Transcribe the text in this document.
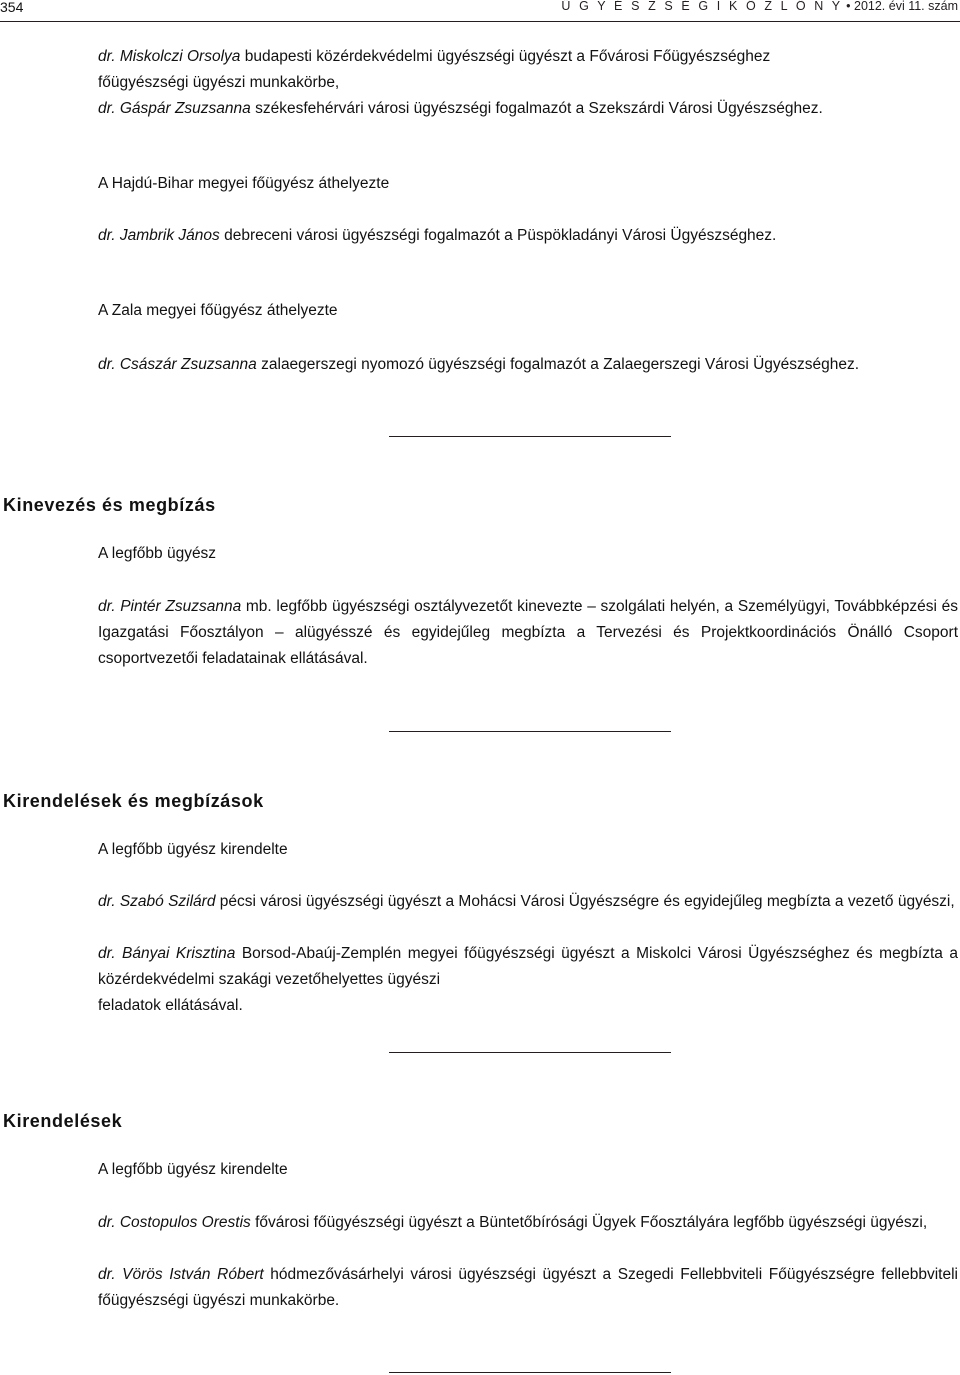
354	Ü G Y É S Z S É G I K Ö Z L Ö N Y • 2012. évi 11. szám
dr. Miskolczi Orsolya budapesti közérdekvédelmi ügyészségi ügyészt a Fővárosi Főügyészséghez
főügyészségi ügyészi munkakörbe,
dr. Gáspár Zsuzsanna székesfehérvári városi ügyészségi fogalmazót a Szekszárdi Városi Ügyészséghez.
A Hajdú-Bihar megyei főügyész áthelyezte
dr. Jambrik János debreceni városi ügyészségi fogalmazót a Püspökladányi Városi Ügyészséghez.
A Zala megyei főügyész áthelyezte
dr. Császár Zsuzsanna zalaegerszegi nyomozó ügyészségi fogalmazót a Zalaegerszegi Városi Ügyészséghez.
Kinevezés és megbízás
A legfőbb ügyész
dr. Pintér Zsuzsanna mb. legfőbb ügyészségi osztályvezetőt kinevezte – szolgálati helyén, a Személyügyi, Továbbképzési és Igazgatási Főosztályon – alügyésszé és egyidejűleg megbízta a Tervezési és Projektkoordinációs Önálló Csoport csoportvezetői feladatainak ellátásával.
Kirendelések és megbízások
A legfőbb ügyész kirendelte
dr. Szabó Szilárd pécsi városi ügyészségi ügyészt a Mohácsi Városi Ügyészségre és egyidejűleg megbízta a vezető ügyészi,
dr. Bányai Krisztina Borsod-Abaúj-Zemplén megyei főügyészségi ügyészt a Miskolci Városi Ügyészséghez és megbízta a közérdekvédelmi szakági vezetőhelyettes ügyészi
feladatok ellátásával.
Kirendelések
A legfőbb ügyész kirendelte
dr. Costopulos Orestis fővárosi főügyészségi ügyészt a Büntetőbírósági Ügyek Főosztályára legfőbb ügyészségi ügyészi,
dr. Vörös István Róbert hódmezővásárhelyi városi ügyészségi ügyészt a Szegedi Fellebbviteli Főügyészségre fellebbviteli főügyészségi ügyészi munkakörbe.
